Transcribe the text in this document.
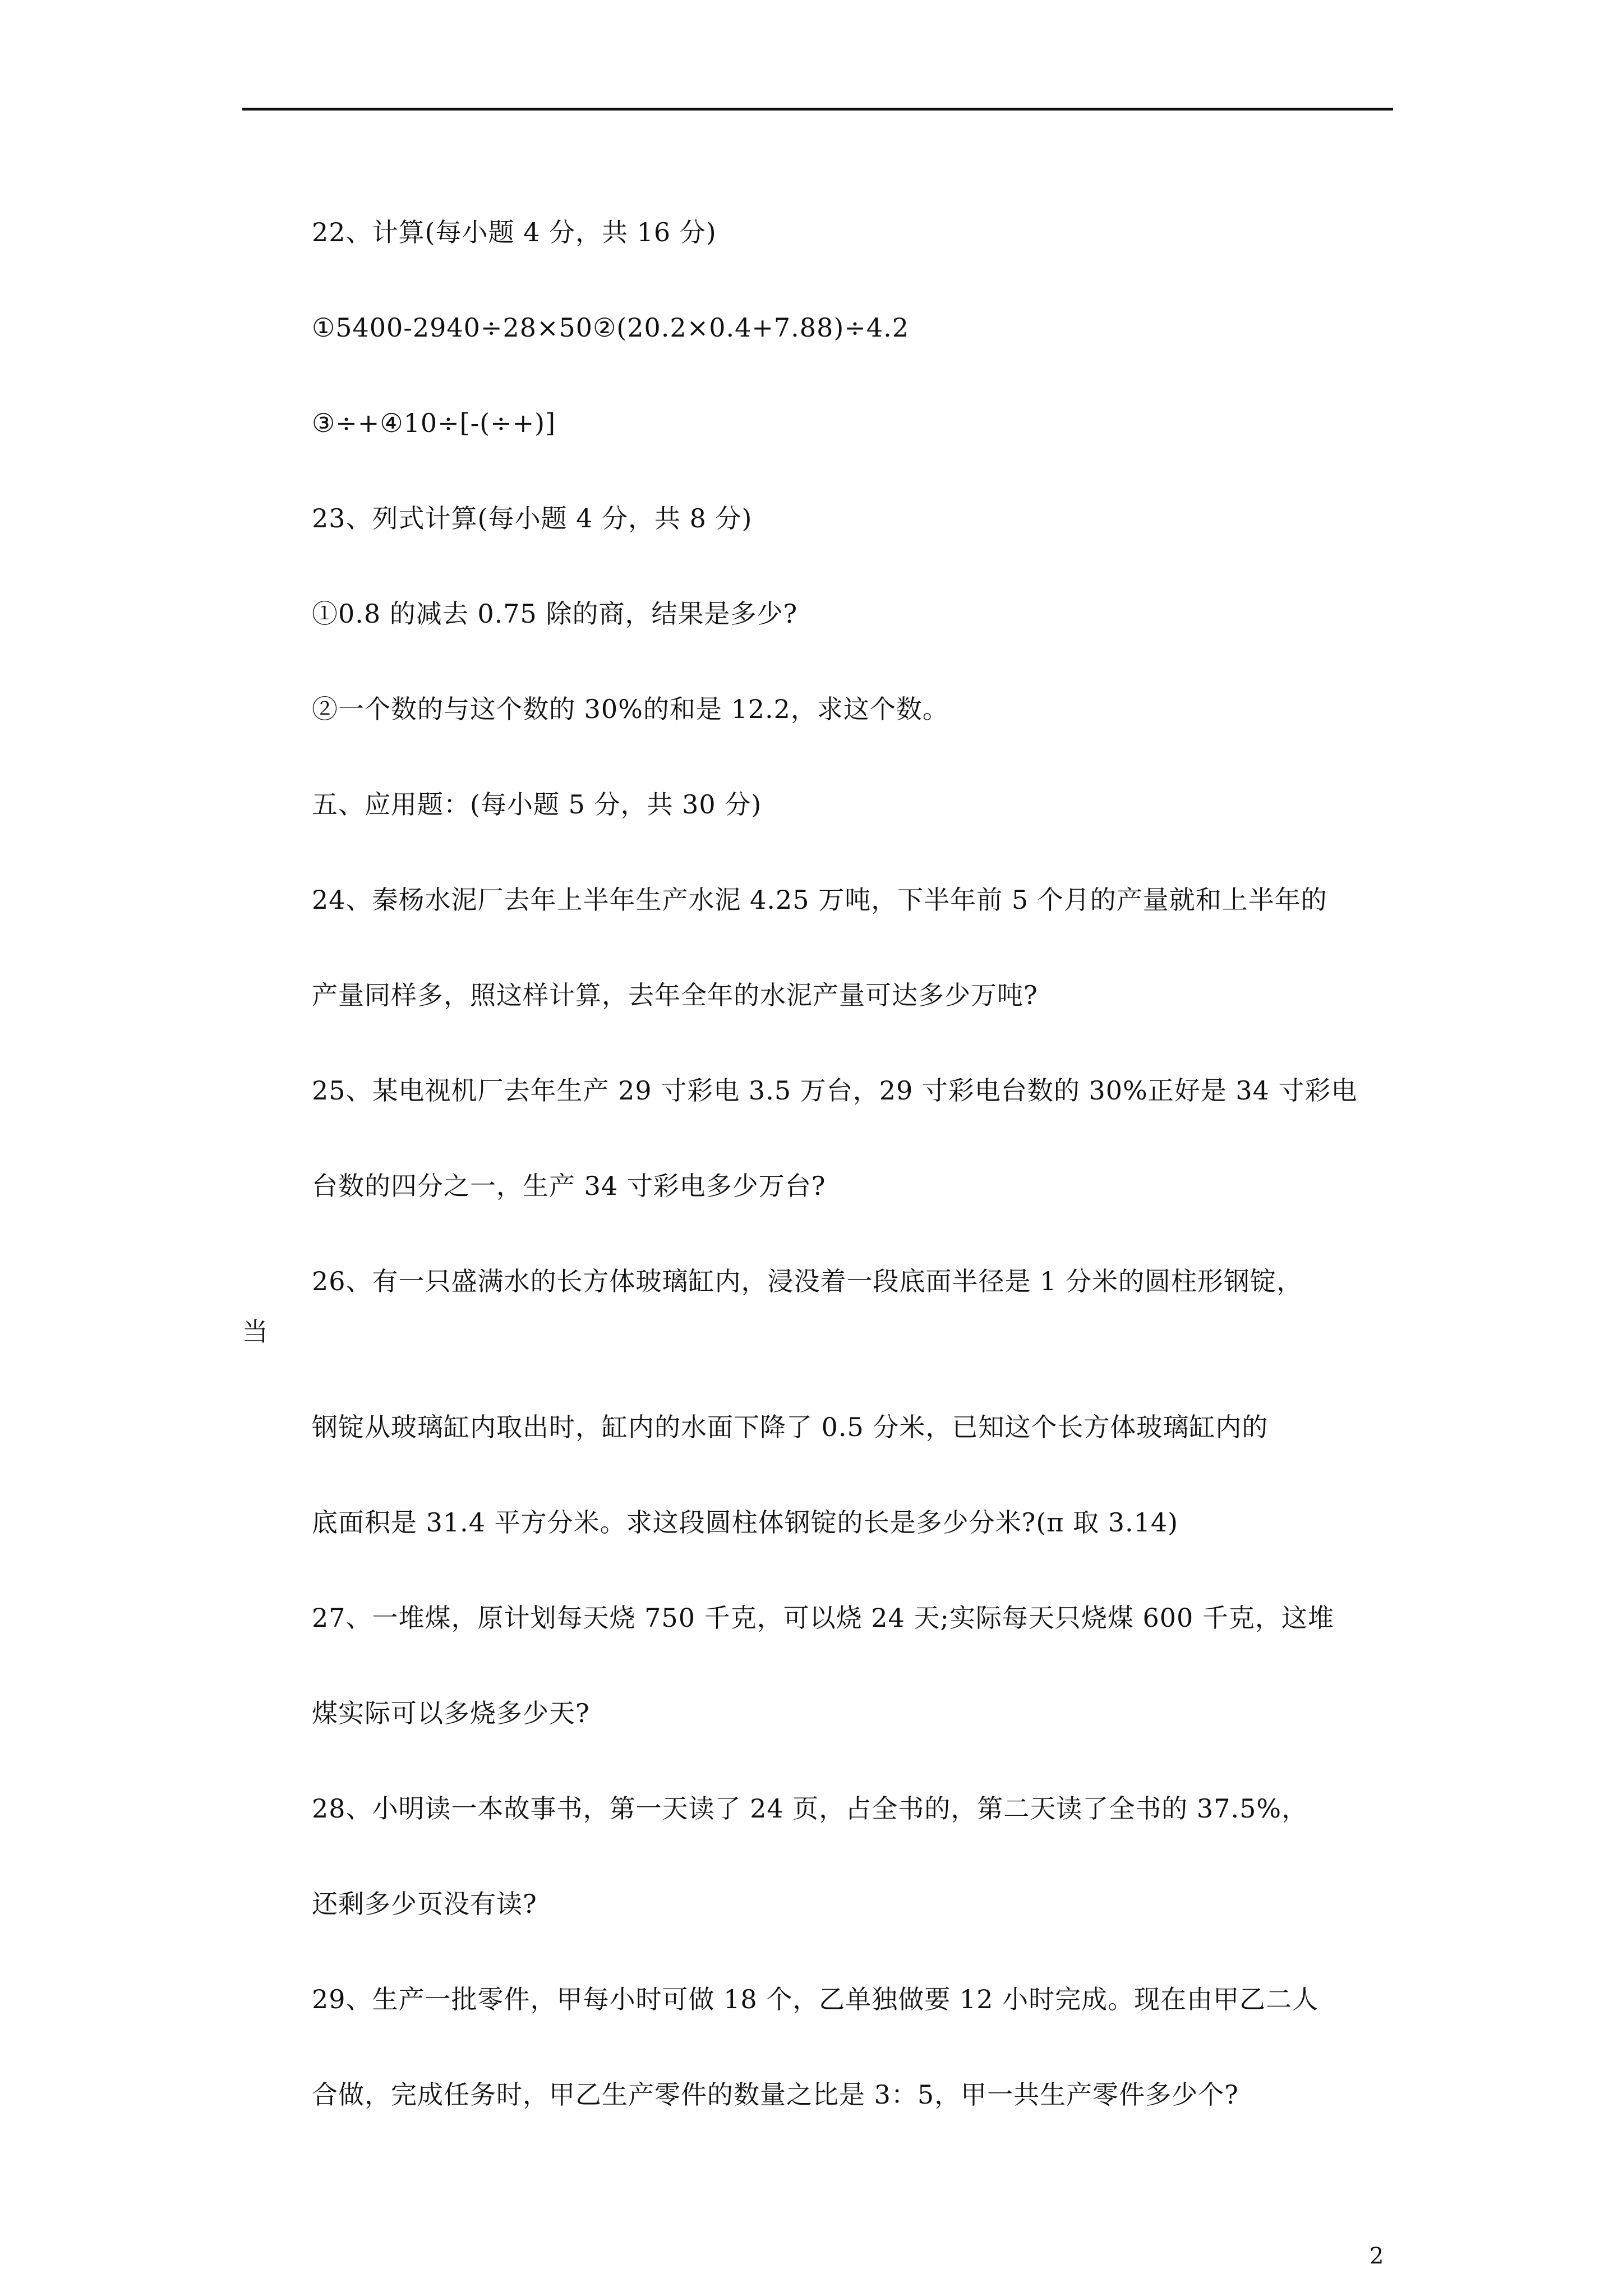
22、计算(每小题 4 分，共 16 分)

①5400-2940÷28×50②(20.2×0.4+7.88)÷4.2

③÷+④10÷[-(÷+)]

23、列式计算(每小题 4 分，共 8 分)

①0.8 的减去 0.75 除的商，结果是多少?

②一个数的与这个数的 30%的和是 12.2，求这个数。

五、应用题：(每小题 5 分，共 30 分)

24、秦杨水泥厂去年上半年生产水泥 4.25 万吨，下半年前 5 个月的产量就和上半年的

产量同样多，照这样计算，去年全年的水泥产量可达多少万吨?

25、某电视机厂去年生产 29 寸彩电 3.5 万台，29 寸彩电台数的 30%正好是 34 寸彩电

台数的四分之一，生产 34 寸彩电多少万台?

26、有一只盛满水的长方体玻璃缸内，浸没着一段底面半径是 1 分米的圆柱形钢锭，

当

钢锭从玻璃缸内取出时，缸内的水面下降了 0.5 分米，已知这个长方体玻璃缸内的

底面积是 31.4 平方分米。求这段圆柱体钢锭的长是多少分米?(π 取 3.14)

27、一堆煤，原计划每天烧 750 千克，可以烧 24 天;实际每天只烧煤 600 千克，这堆

煤实际可以多烧多少天?

28、小明读一本故事书，第一天读了 24 页，占全书的，第二天读了全书的 37.5%，

还剩多少页没有读?

29、生产一批零件，甲每小时可做 18 个，乙单独做要 12 小时完成。现在由甲乙二人

合做，完成任务时，甲乙生产零件的数量之比是 3：5，甲一共生产零件多少个?

2
